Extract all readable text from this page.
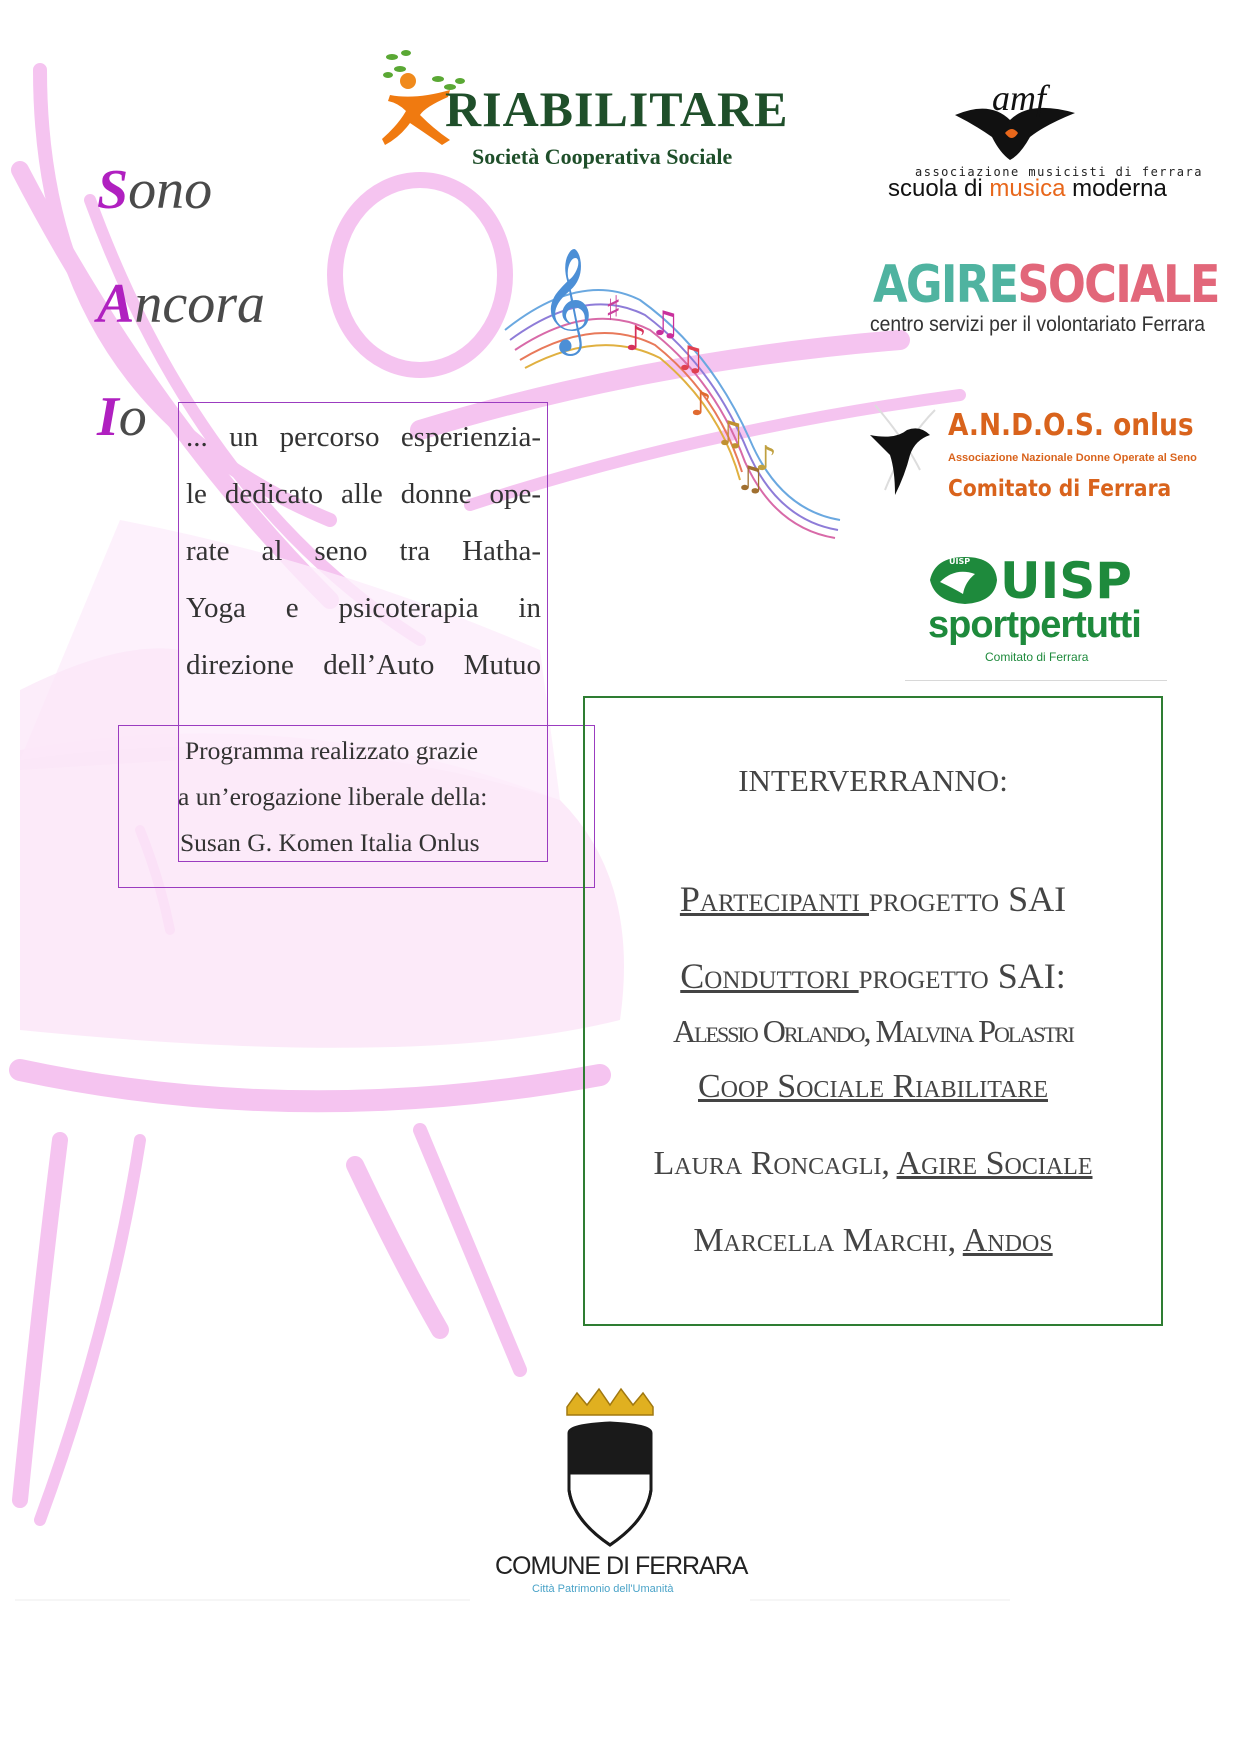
RIABILITARE
Società Cooperativa Sociale
Sono
Ancora
Io ... un percorso esperienzia-

le dedicato alle donne ope-

rate al seno tra Hatha-

Yoga e psicoterapia in

direzione dell’Auto Mutuo

Programma realizzato grazie
a un’erogazione liberale della:
Susan G. Komen Italia Onlus
𝄞 ♯
♪ ♫
♫
♪
♫
♫
♪
amf
associazione musicisti di ferrara
scuola di musica moderna
AGIRESOCIALE
centro servizi per il volontariato Ferrara
A.N.D.O.S. onlus
Associazione Nazionale Donne Operate al Seno
Comitato di Ferrara
UISP UISP
sportpertutti
Comitato di Ferrara
INTERVERRANNO:
Partecipanti progetto SAI
Conduttori progetto SAI:
Alessio Orlando, Malvina Polastri
Coop Sociale Riabilitare
Laura Roncagli, Agire Sociale
Marcella Marchi, Andos
COMUNE DI FERRARA
Città Patrimonio dell'Umanità
